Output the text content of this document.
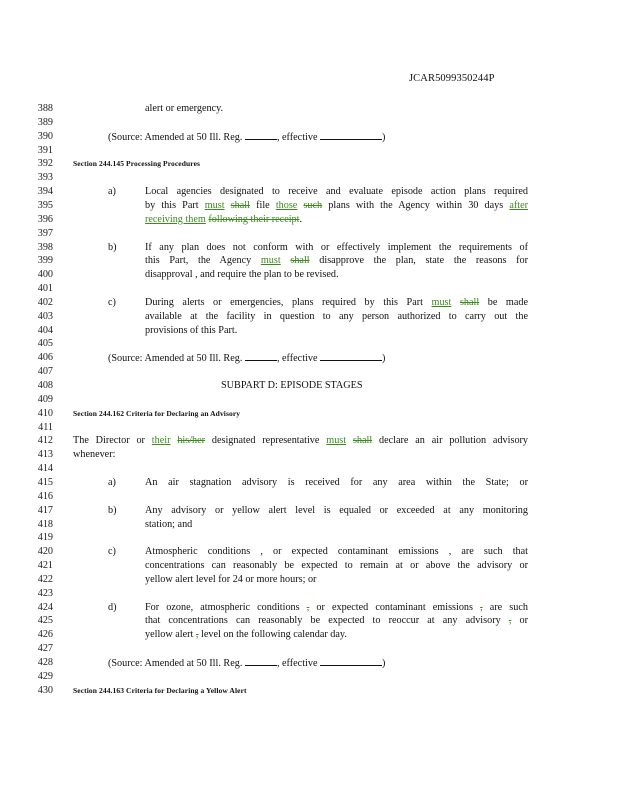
JCAR5099350244P
388	alert or emergency.
389
390	(Source: Amended at 50 Ill. Reg.	, effective	)
391
392	Section 244.145 Processing Procedures
393
394	a)	Local agencies designated to receive and evaluate episode action plans required
395	by this Part must shall file those such plans with the Agency within 30 days after
396	receiving them following their receipt.
397
398	b)	If any plan does not conform with or effectively implement the requirements of
399	this Part, the Agency must shall disapprove the plan, state the reasons for
400	disapproval , and require the plan to be revised.
401
402	c)	During alerts or emergencies, plans required by this Part must shall be made
403	available at the facility in question to any person authorized to carry out the
404	provisions of this Part.
405
406	(Source: Amended at 50 Ill. Reg.	, effective	)
407
408	SUBPART D: EPISODE STAGES
409
410	Section 244.162 Criteria for Declaring an Advisory
411
412 The Director or their his/her designated representative must shall declare an air pollution advisory
413 whenever:
414
415	a)	An air stagnation advisory is received for any area within the State; or
416
417	b)	Any advisory or yellow alert level is equaled or exceeded at any monitoring
418	station; and
419
420	c)	Atmospheric conditions , or expected contaminant emissions , are such that
421	concentrations can reasonably be expected to remain at or above the advisory or
422	yellow alert level for 24 or more hours; or
423
424	d)	For ozone, atmospheric conditions , or expected contaminant emissions , are such
425	that concentrations can reasonably be expected to reoccur at any advisory , or
426	yellow alert , level on the following calendar day.
427
428	(Source: Amended at 50 Ill. Reg.	, effective	)
429
430	Section 244.163 Criteria for Declaring a Yellow Alert
